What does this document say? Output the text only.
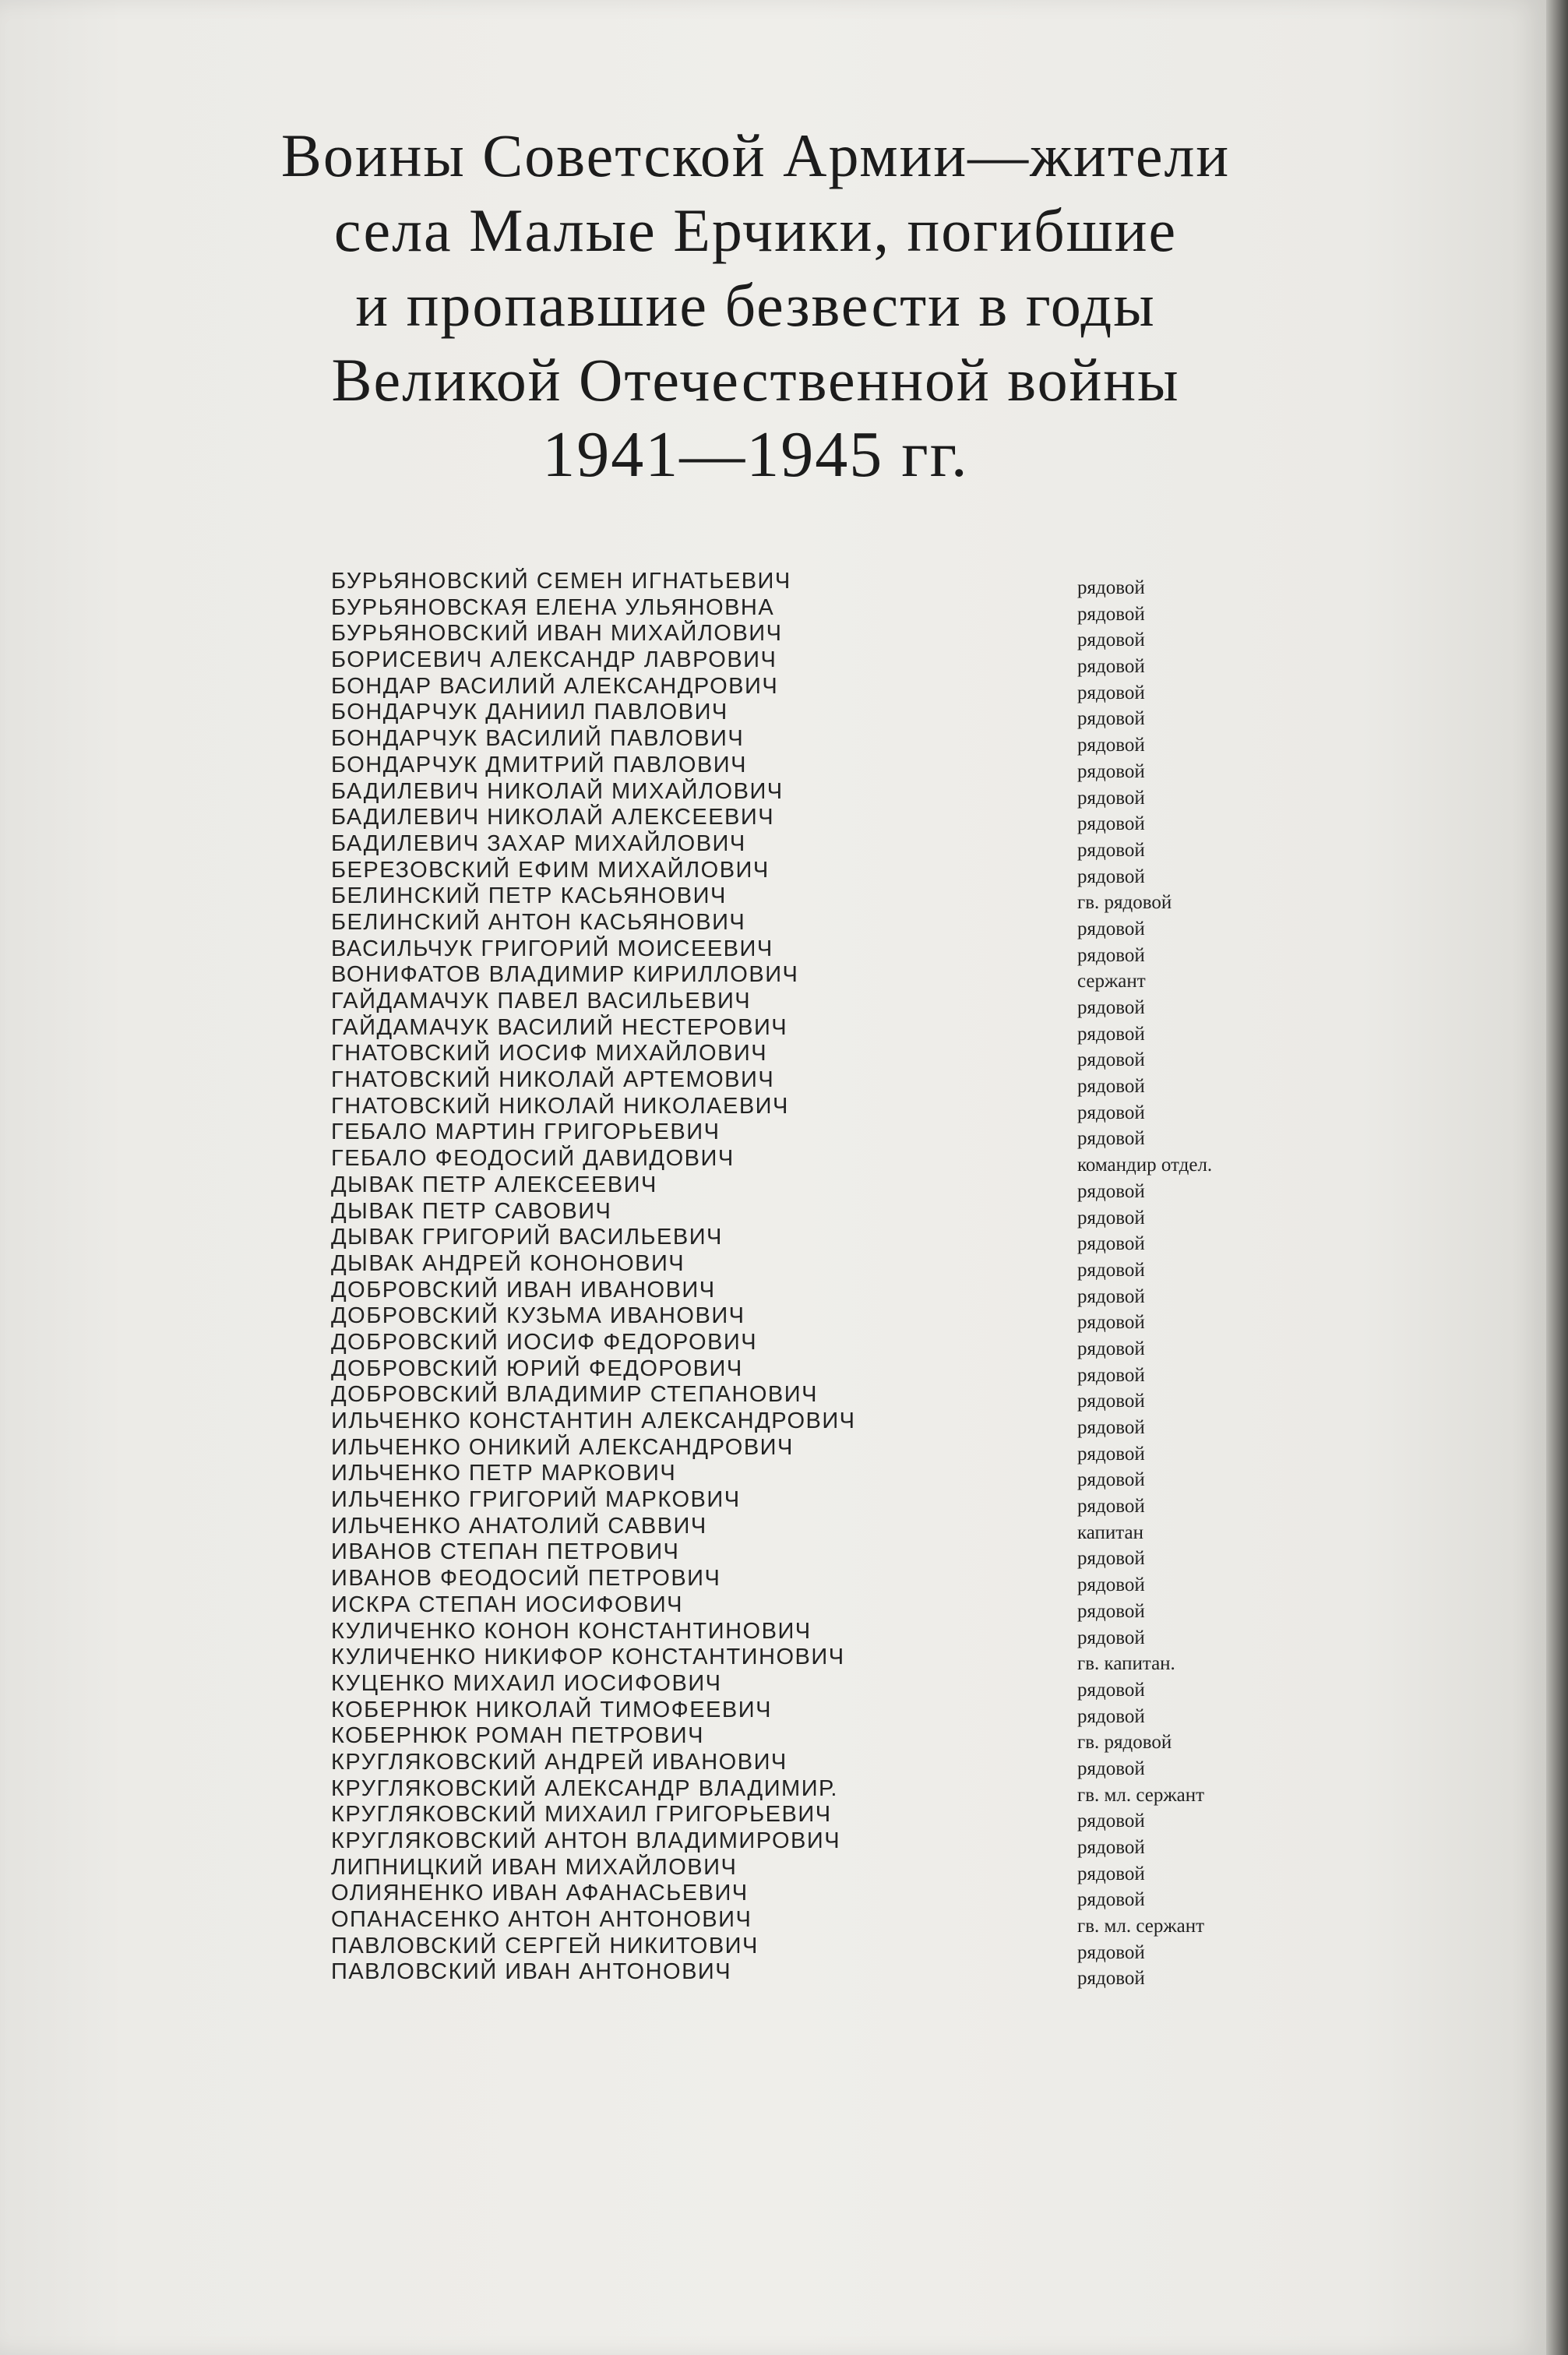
Воины Советской Армии—жители
села Малые Ерчики, погибшие
и пропавшие безвести в годы
Великой Отечественной войны
1941—1945 гг.
БУРЬЯНОВСКИЙ СЕМЕН ИГНАТЬЕВИЧ	рядовой
БУРЬЯНОВСКАЯ ЕЛЕНА УЛЬЯНОВНА	рядовой
БУРЬЯНОВСКИЙ ИВАН МИХАЙЛОВИЧ	рядовой
БОРИСЕВИЧ АЛЕКСАНДР ЛАВРОВИЧ	рядовой
БОНДАР ВАСИЛИЙ АЛЕКСАНДРОВИЧ	рядовой
БОНДАРЧУК ДАНИИЛ ПАВЛОВИЧ	рядовой
БОНДАРЧУК ВАСИЛИЙ ПАВЛОВИЧ	рядовой
БОНДАРЧУК ДМИТРИЙ ПАВЛОВИЧ	рядовой
БАДИЛЕВИЧ НИКОЛАЙ МИХАЙЛОВИЧ	рядовой
БАДИЛЕВИЧ НИКОЛАЙ АЛЕКСЕЕВИЧ	рядовой
БАДИЛЕВИЧ ЗАХАР МИХАЙЛОВИЧ	рядовой
БЕРЕЗОВСКИЙ ЕФИМ МИХАЙЛОВИЧ	рядовой
БЕЛИНСКИЙ ПЕТР КАСЬЯНОВИЧ	гв. рядовой
БЕЛИНСКИЙ АНТОН КАСЬЯНОВИЧ	рядовой
ВАСИЛЬЧУК ГРИГОРИЙ МОИСЕЕВИЧ	рядовой
ВОНИФАТОВ ВЛАДИМИР КИРИЛЛОВИЧ	сержант
ГАЙДАМАЧУК ПАВЕЛ ВАСИЛЬЕВИЧ	рядовой
ГАЙДАМАЧУК ВАСИЛИЙ НЕСТЕРОВИЧ	рядовой
ГНАТОВСКИЙ ИОСИФ МИХАЙЛОВИЧ	рядовой
ГНАТОВСКИЙ НИКОЛАЙ АРТЕМОВИЧ	рядовой
ГНАТОВСКИЙ НИКОЛАЙ НИКОЛАЕВИЧ	рядовой
ГЕБАЛО МАРТИН ГРИГОРЬЕВИЧ	рядовой
ГЕБАЛО ФЕОДОСИЙ ДАВИДОВИЧ	командир отдел.
ДЫВАК ПЕТР АЛЕКСЕЕВИЧ	рядовой
ДЫВАК ПЕТР САВОВИЧ	рядовой
ДЫВАК ГРИГОРИЙ ВАСИЛЬЕВИЧ	рядовой
ДЫВАК АНДРЕЙ КОНОНОВИЧ	рядовой
ДОБРОВСКИЙ ИВАН ИВАНОВИЧ	рядовой
ДОБРОВСКИЙ КУЗЬМА ИВАНОВИЧ	рядовой
ДОБРОВСКИЙ ИОСИФ ФЕДОРОВИЧ	рядовой
ДОБРОВСКИЙ ЮРИЙ ФЕДОРОВИЧ	рядовой
ДОБРОВСКИЙ ВЛАДИМИР СТЕПАНОВИЧ	рядовой
ИЛЬЧЕНКО КОНСТАНТИН АЛЕКСАНДРОВИЧ	рядовой
ИЛЬЧЕНКО ОНИКИЙ АЛЕКСАНДРОВИЧ	рядовой
ИЛЬЧЕНКО ПЕТР МАРКОВИЧ	рядовой
ИЛЬЧЕНКО ГРИГОРИЙ МАРКОВИЧ	рядовой
ИЛЬЧЕНКО АНАТОЛИЙ САВВИЧ	капитан
ИВАНОВ СТЕПАН ПЕТРОВИЧ	рядовой
ИВАНОВ ФЕОДОСИЙ ПЕТРОВИЧ	рядовой
ИСКРА СТЕПАН ИОСИФОВИЧ	рядовой
КУЛИЧЕНКО КОНОН КОНСТАНТИНОВИЧ	рядовой
КУЛИЧЕНКО НИКИФОР КОНСТАНТИНОВИЧ	гв. капитан.
КУЦЕНКО МИХАИЛ ИОСИФОВИЧ	рядовой
КОБЕРНЮК НИКОЛАЙ ТИМОФЕЕВИЧ	рядовой
КОБЕРНЮК РОМАН ПЕТРОВИЧ	гв. рядовой
КРУГЛЯКОВСКИЙ АНДРЕЙ ИВАНОВИЧ	рядовой
КРУГЛЯКОВСКИЙ АЛЕКСАНДР ВЛАДИМИР.	гв. мл. сержант
КРУГЛЯКОВСКИЙ МИХАИЛ ГРИГОРЬЕВИЧ	рядовой
КРУГЛЯКОВСКИЙ АНТОН ВЛАДИМИРОВИЧ	рядовой
ЛИПНИЦКИЙ ИВАН МИХАЙЛОВИЧ	рядовой
ОЛИЯНЕНКО ИВАН АФАНАСЬЕВИЧ	рядовой
ОПАНАСЕНКО АНТОН АНТОНОВИЧ	гв. мл. сержант
ПАВЛОВСКИЙ СЕРГЕЙ НИКИТОВИЧ	рядовой
ПАВЛОВСКИЙ ИВАН АНТОНОВИЧ	рядовой
